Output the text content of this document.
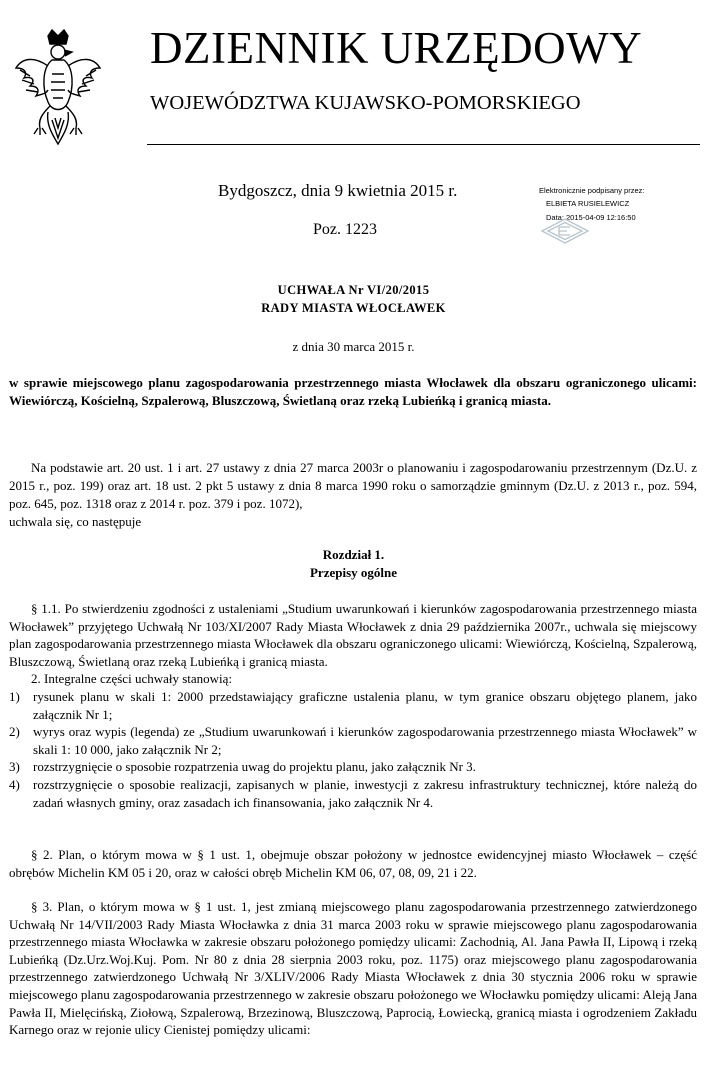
DZIENNIK URZĘDOWY
WOJEWÓDZTWA KUJAWSKO-POMORSKIEGO
Bydgoszcz, dnia 9 kwietnia 2015 r.
Poz. 1223
Elektronicznie podpisany przez:
ELBIETA RUSIELEWICZ
Data: 2015-04-09 12:16:50
UCHWAŁA Nr VI/20/2015
RADY MIASTA WŁOCŁAWEK
z dnia 30 marca 2015 r.
w sprawie miejscowego planu zagospodarowania przestrzennego miasta Włocławek dla obszaru ograniczonego ulicami: Wiewiórczą, Kościelną, Szpalerową, Bluszczową, Świetlaną oraz rzeką Lubieńką i granicą miasta.

Na podstawie art. 20 ust. 1 i art. 27 ustawy z dnia 27 marca 2003r o planowaniu i zagospodarowaniu przestrzennym (Dz.U. z 2015 r., poz. 199) oraz art. 18 ust. 2 pkt 5 ustawy z dnia 8 marca 1990 roku o samorządzie gminnym (Dz.U. z 2013 r., poz. 594, poz. 645, poz. 1318 oraz z 2014 r. poz. 379 i poz. 1072),

uchwala się, co następuje

Rozdział 1.
Przepisy ogólne

§ 1.1. Po stwierdzeniu zgodności z ustaleniami „Studium uwarunkowań i kierunków zagospodarowania przestrzennego miasta Włocławek” przyjętego Uchwałą Nr 103/XI/2007 Rady Miasta Włocławek z dnia 29 października 2007r., uchwala się miejscowy plan zagospodarowania przestrzennego miasta Włocławek dla obszaru ograniczonego ulicami: Wiewiórczą, Kościelną, Szpalerową, Bluszczową, Świetlaną oraz rzeką Lubieńką i granicą miasta.

2. Integralne części uchwały stanowią:

1) rysunek planu w skali 1: 2000 przedstawiający graficzne ustalenia planu, w tym granice obszaru objętego planem, jako załącznik Nr 1;
2) wyrys oraz wypis (legenda) ze „Studium uwarunkowań i kierunków zagospodarowania przestrzennego miasta Włocławek” w skali 1: 10 000, jako załącznik Nr 2;
3) rozstrzygnięcie o sposobie rozpatrzenia uwag do projektu planu, jako załącznik Nr 3.
4) rozstrzygnięcie o sposobie realizacji, zapisanych w planie, inwestycji z zakresu infrastruktury technicznej, które należą do zadań własnych gminy, oraz zasadach ich finansowania, jako załącznik Nr 4.

§ 2. Plan, o którym mowa w § 1 ust. 1, obejmuje obszar położony w jednostce ewidencyjnej miasto Włocławek – część obrębów Michelin KM 05 i 20, oraz w całości obręb Michelin KM 06, 07, 08, 09, 21 i 22.

§ 3. Plan, o którym mowa w § 1 ust. 1, jest zmianą miejscowego planu zagospodarowania przestrzennego zatwierdzonego Uchwałą Nr 14/VII/2003 Rady Miasta Włocławka z dnia 31 marca 2003 roku w sprawie miejscowego planu zagospodarowania przestrzennego miasta Włocławka w zakresie obszaru położonego pomiędzy ulicami: Zachodnią, Al. Jana Pawła II, Lipową i rzeką Lubieńką (Dz.Urz.Woj.Kuj. Pom. Nr 80 z dnia 28 sierpnia 2003 roku, poz. 1175) oraz miejscowego planu zagospodarowania przestrzennego zatwierdzonego Uchwałą Nr 3/XLIV/2006 Rady Miasta Włocławek z dnia 30 stycznia 2006 roku w sprawie miejscowego planu zagospodarowania przestrzennego w zakresie obszaru położonego we Włocławku pomiędzy ulicami: Aleją Jana Pawła II, Mielęcińską, Ziołową, Szpalerową, Brzezinową, Bluszczową, Paprocią, Łowiecką, granicą miasta i ogrodzeniem Zakładu Karnego oraz w rejonie ulicy Cienistej pomiędzy ulicami:
